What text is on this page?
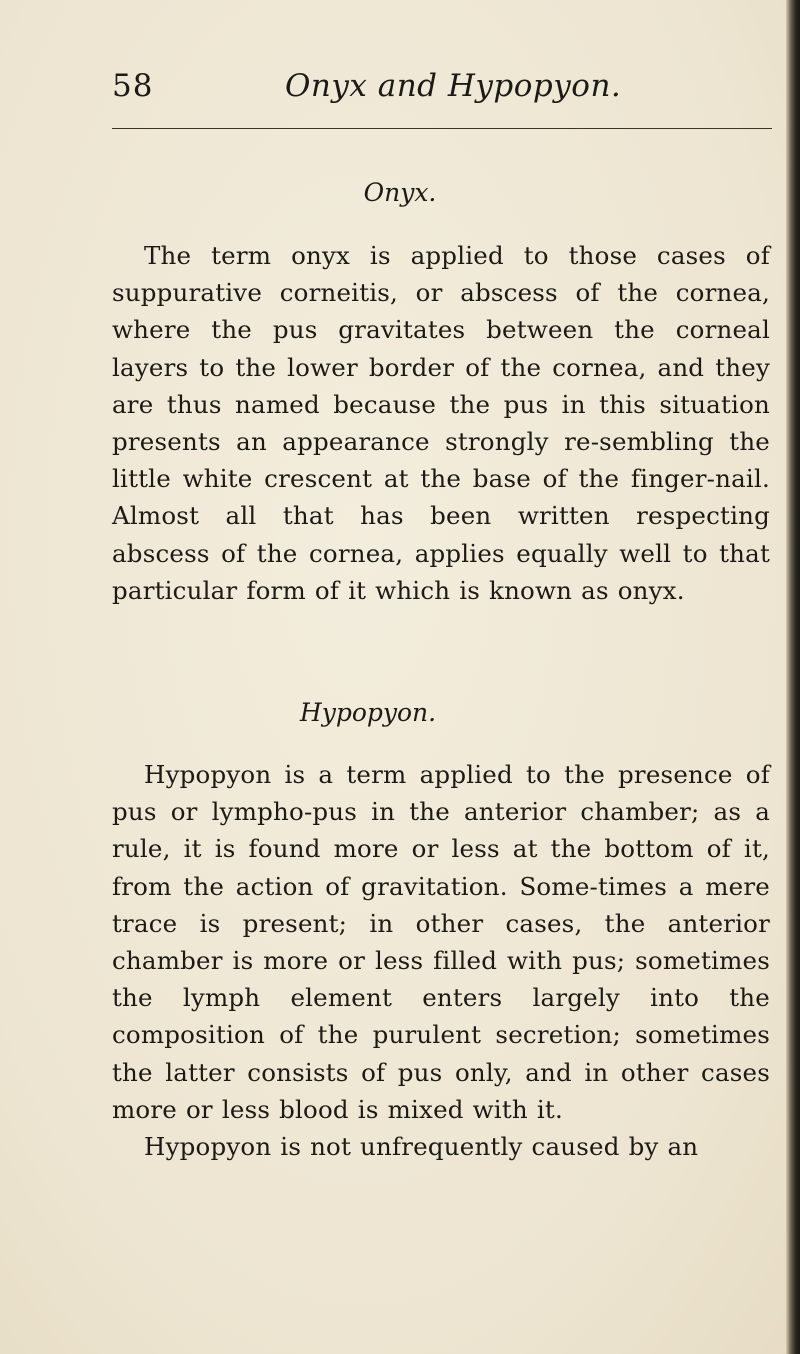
58	Onyx and Hypopyon.
Onyx.

The term onyx is applied to those cases of suppurative corneitis, or abscess of the cornea, where the pus gravitates between the corneal layers to the lower border of the cornea, and they are thus named because the pus in this situation presents an appearance strongly re-sembling the little white crescent at the base of the finger-nail. Almost all that has been written respecting abscess of the cornea, applies equally well to that particular form of it which is known as onyx.

Hypopyon.

Hypopyon is a term applied to the presence of pus or lympho-pus in the anterior chamber; as a rule, it is found more or less at the bottom of it, from the action of gravitation. Some-times a mere trace is present; in other cases, the anterior chamber is more or less filled with pus; sometimes the lymph element enters largely into the composition of the purulent secretion; sometimes the latter consists of pus only, and in other cases more or less blood is mixed with it.

Hypopyon is not unfrequently caused by an
